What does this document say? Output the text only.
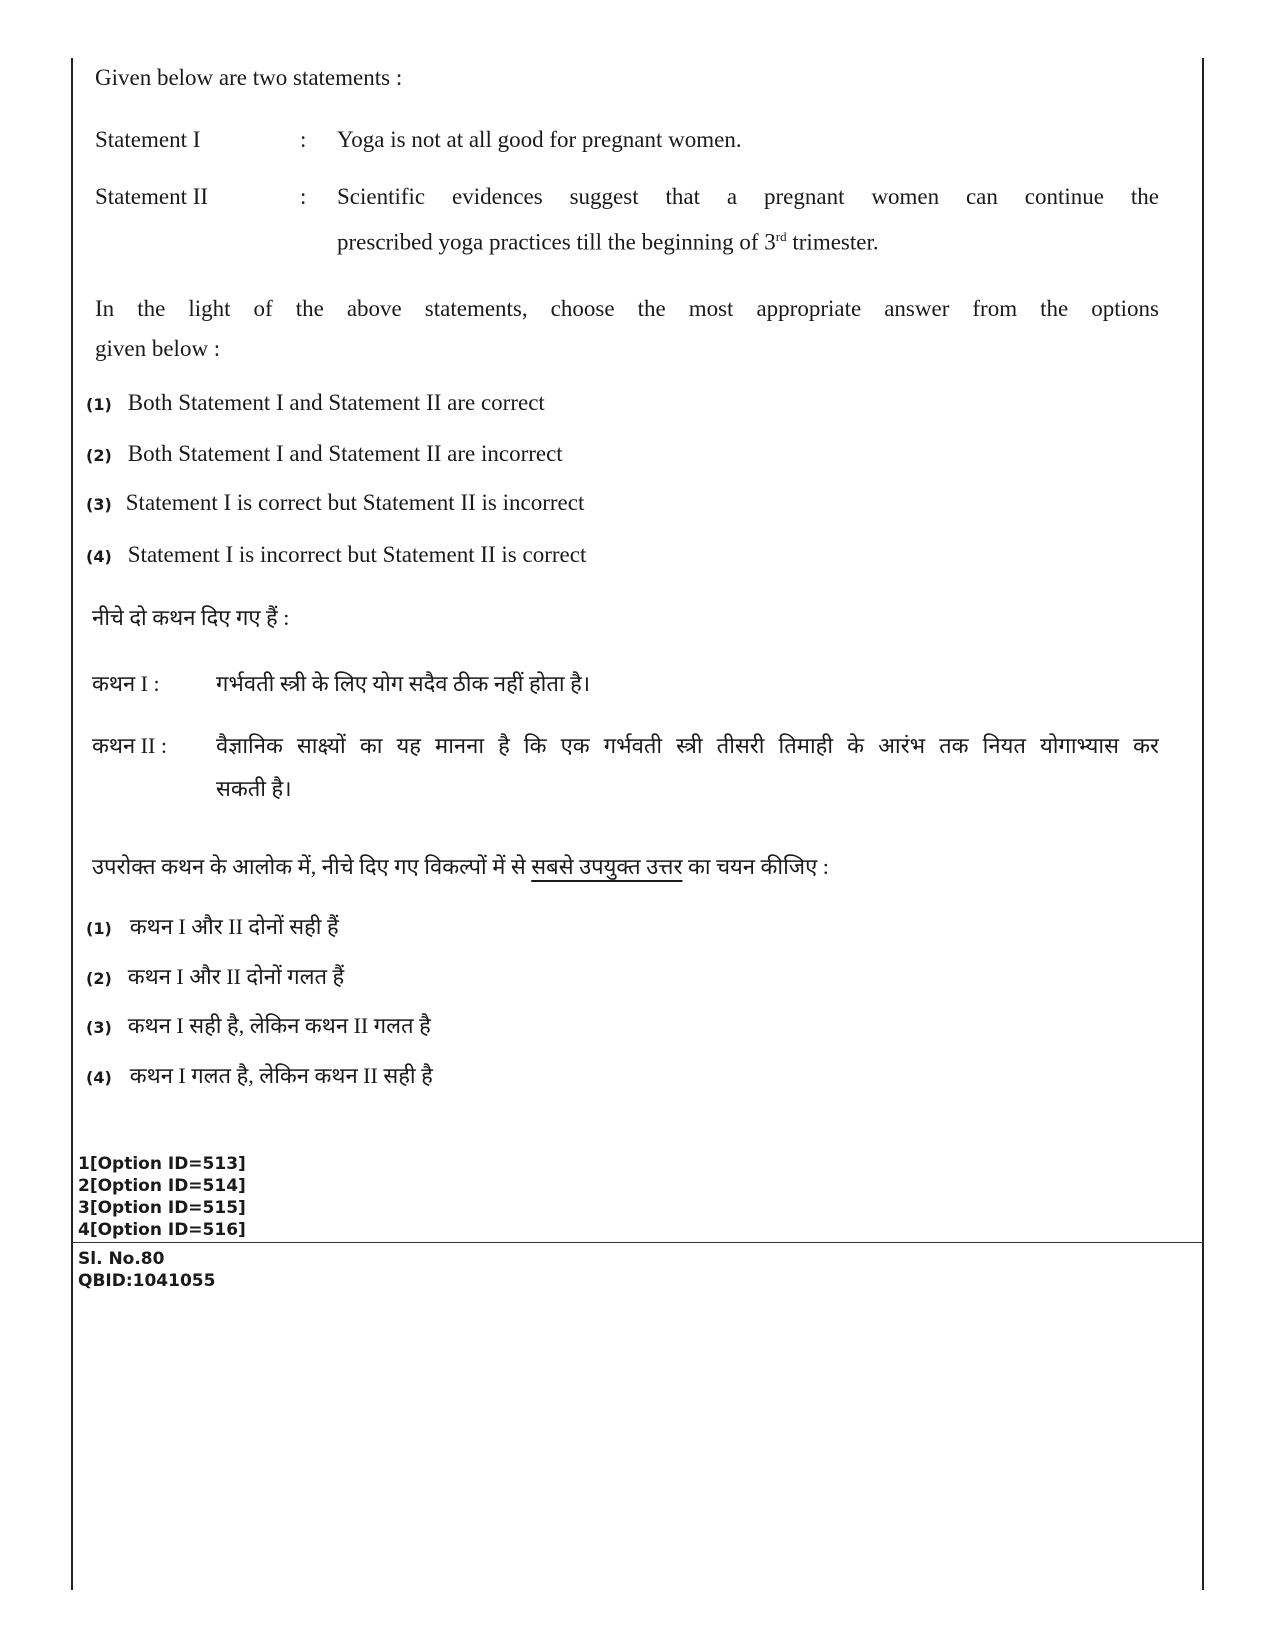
Given below are two statements :
Statement I	: Yoga is not at all good for pregnant women.
Statement II	: Scientific evidences suggest that a pregnant women can continue the
prescribed yoga practices till the beginning of 3rd trimester.
In the light of the above statements, choose the most appropriate answer from the options
given below :
(1) Both Statement I and Statement II are correct
(2) Both Statement I and Statement II are incorrect
(3) Statement I is correct but Statement II is incorrect
(4) Statement I is incorrect but Statement II is correct
नीचे दो कथन दिए गए हैं :
कथन I :	गर्भवती स्त्री के लिए योग सदैव ठीक नहीं होता है।
कथन II : वैज्ञानिक साक्ष्यों का यह मानना है कि एक गर्भवती स्त्री तीसरी तिमाही के आरंभ तक नियत योगाभ्यास कर
सकती है।
उपरोक्त कथन के आलोक में, नीचे दिए गए विकल्पों में से सबसे उपयुक्त उत्तर का चयन कीजिए :
(1) कथन I और II दोनों सही हैं
(2) कथन I और II दोनों गलत हैं
(3) कथन I सही है, लेकिन कथन II गलत है
(4) कथन I गलत है, लेकिन कथन II सही है
1[Option ID=513]
2[Option ID=514]
3[Option ID=515]
4[Option ID=516]
Sl. No.80
QBID:1041055
